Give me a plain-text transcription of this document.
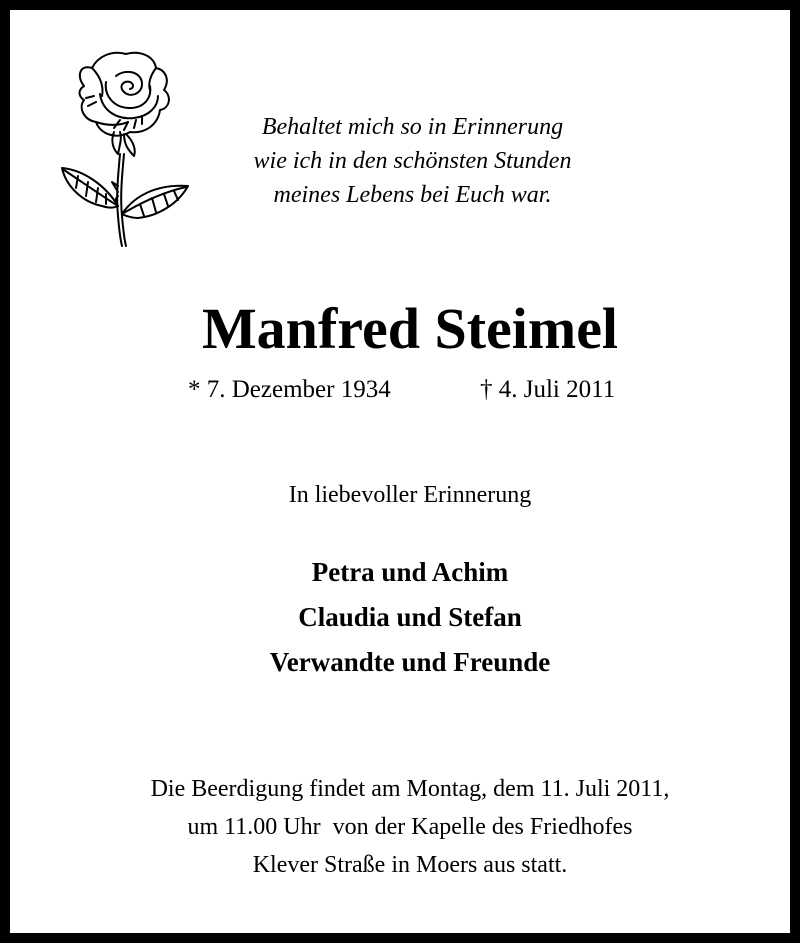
Behaltet mich so in Erinnerung
wie ich in den schönsten Stunden
meines Lebens bei Euch war.
Manfred Steimel
* 7. Dezember 1934	† 4. Juli 2011
In liebevoller Erinnerung
Petra und Achim
Claudia und Stefan
Verwandte und Freunde
Die Beerdigung findet am Montag, dem 11. Juli 2011,
um 11.00 Uhr  von der Kapelle des Friedhofes
Klever Straße in Moers aus statt.
